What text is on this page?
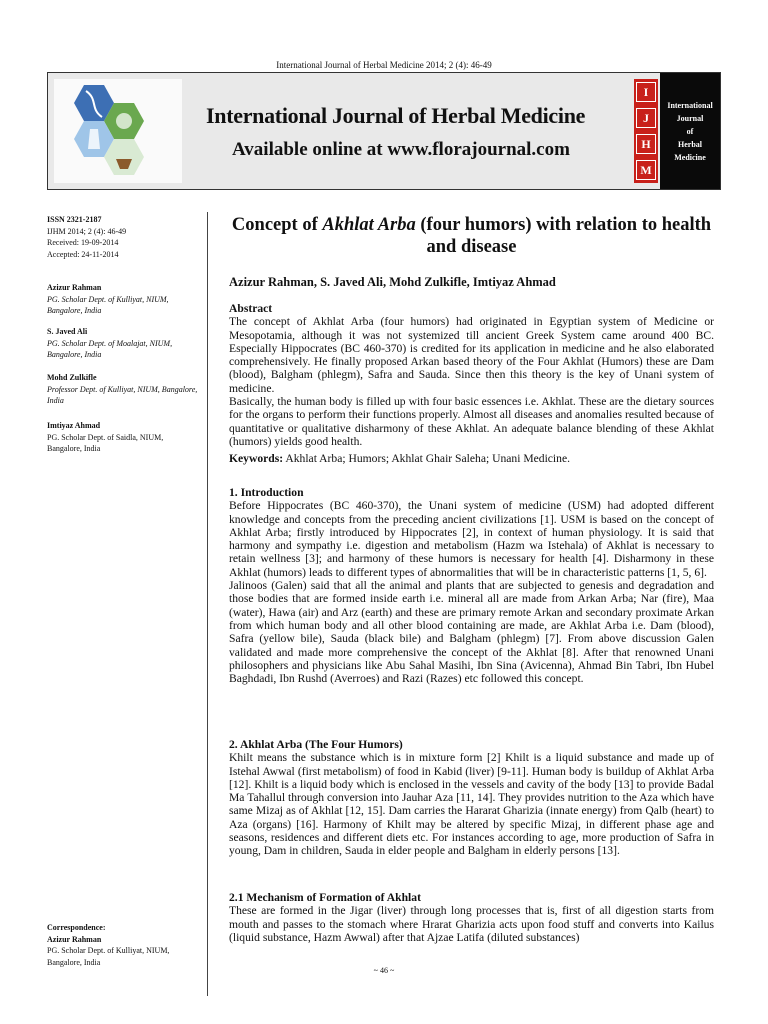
International Journal of Herbal Medicine 2014; 2 (4): 46-49
International Journal of Herbal Medicine
Available online at www.florajournal.com
I
J
H
M
International
Journal
of
Herbal
Medicine
ISSN 2321-2187
IJHM 2014; 2 (4): 46-49
Received: 19-09-2014
Accepted: 24-11-2014
Azizur Rahman
PG. Scholar Dept. of Kulliyat, NIUM, Bangalore, India
S. Javed Ali
PG. Scholar Dept. of Moalajat, NIUM, Bangalore, India
Mohd Zulkifle
Professor Dept. of Kulliyat, NIUM, Bangalore, India
Imtiyaz Ahmad
PG. Scholar Dept. of Saidla, NIUM, Bangalore, India
Correspondence:
Azizur Rahman
PG. Scholar Dept. of Kulliyat, NIUM, Bangalore, India
Concept of Akhlat Arba (four humors) with relation to health and disease
Azizur Rahman, S. Javed Ali, Mohd Zulkifle, Imtiyaz Ahmad
Abstract

The concept of Akhlat Arba (four humors) had originated in Egyptian system of Medicine or Mesopotamia, although it was not systemized till ancient Greek System came around 400 BC. Especially Hippocrates (BC 460-370) is credited for its application in medicine and he also elaborated comprehensively. He finally proposed Arkan based theory of the Four Akhlat (Humors) these are Dam (blood), Balgham (phlegm), Safra and Sauda. Since then this theory is the key of Unani system of medicine.

Basically, the human body is filled up with four basic essences i.e. Akhlat. These are the dietary sources for the organs to perform their functions properly. Almost all diseases and anomalies resulted because of quantitative or qualitative disharmony of these Akhlat. An adequate balance blending of these Akhlat (humors) yields good health.

Keywords: Akhlat Arba; Humors; Akhlat Ghair Saleha; Unani Medicine.
1. Introduction

Before Hippocrates (BC 460-370), the Unani system of medicine (USM) had adopted different knowledge and concepts from the preceding ancient civilizations [1]. USM is based on the concept of Akhlat Arba; firstly introduced by Hippocrates [2], in context of human physiology. It is said that harmony and sympathy i.e. digestion and metabolism (Hazm wa Istehala) of Akhlat is necessary to retain wellness [3]; and harmony of these humors is necessary for health [4]. Disharmony in these Akhlat (humors) leads to different types of abnormalities that will be in characteristic patterns [1, 5, 6].

Jalinoos (Galen) said that all the animal and plants that are subjected to genesis and degradation and those bodies that are formed inside earth i.e. mineral all are made from Arkan Arba; Nar (fire), Maa (water), Hawa (air) and Arz (earth) and these are primary remote Arkan and secondary proximate Arkan from which human body and all other blood containing are made, are Akhlat Arba i.e. Dam (blood), Safra (yellow bile), Sauda (black bile) and Balgham (phlegm) [7]. From above discussion Galen validated and made more comprehensive the concept of the Akhlat [8]. After that renowned Unani philosophers and physicians like Abu Sahal Masihi, Ibn Sina (Avicenna), Ahmad Bin Tabri, Ibn Hubel Baghdadi, Ibn Rushd (Averroes) and Razi (Razes) etc followed this concept.

2. Akhlat Arba (The Four Humors)

Khilt means the substance which is in mixture form [2] Khilt is a liquid substance and made up of Istehal Awwal (first metabolism) of food in Kabid (liver) [9-11]. Human body is buildup of Akhlat Arba [12]. Khilt is a liquid body which is enclosed in the vessels and cavity of the body [13] to provide Badal Ma Tahallul through conversion into Jauhar Aza [11, 14]. They provides nutrition to the Aza which have same Mizaj as of Akhlat [12, 15]. Dam carries the Hararat Gharizia (innate energy) from Qalb (heart) to Aza (organs) [16]. Harmony of Khilt may be altered by specific Mizaj, in different phase age and seasons, residences and different diets etc. For instances according to age, more production of Safra in young, Dam in children, Sauda in elder people and Balgham in elderly persons [13].

2.1 Mechanism of Formation of Akhlat

These are formed in the Jigar (liver) through long processes that is, first of all digestion starts from mouth and passes to the stomach where Hrarat Gharizia acts upon food stuff and converts into Kailus (liquid substance, Hazm Awwal) after that Ajzae Latifa (diluted substances)

~ 46 ~
